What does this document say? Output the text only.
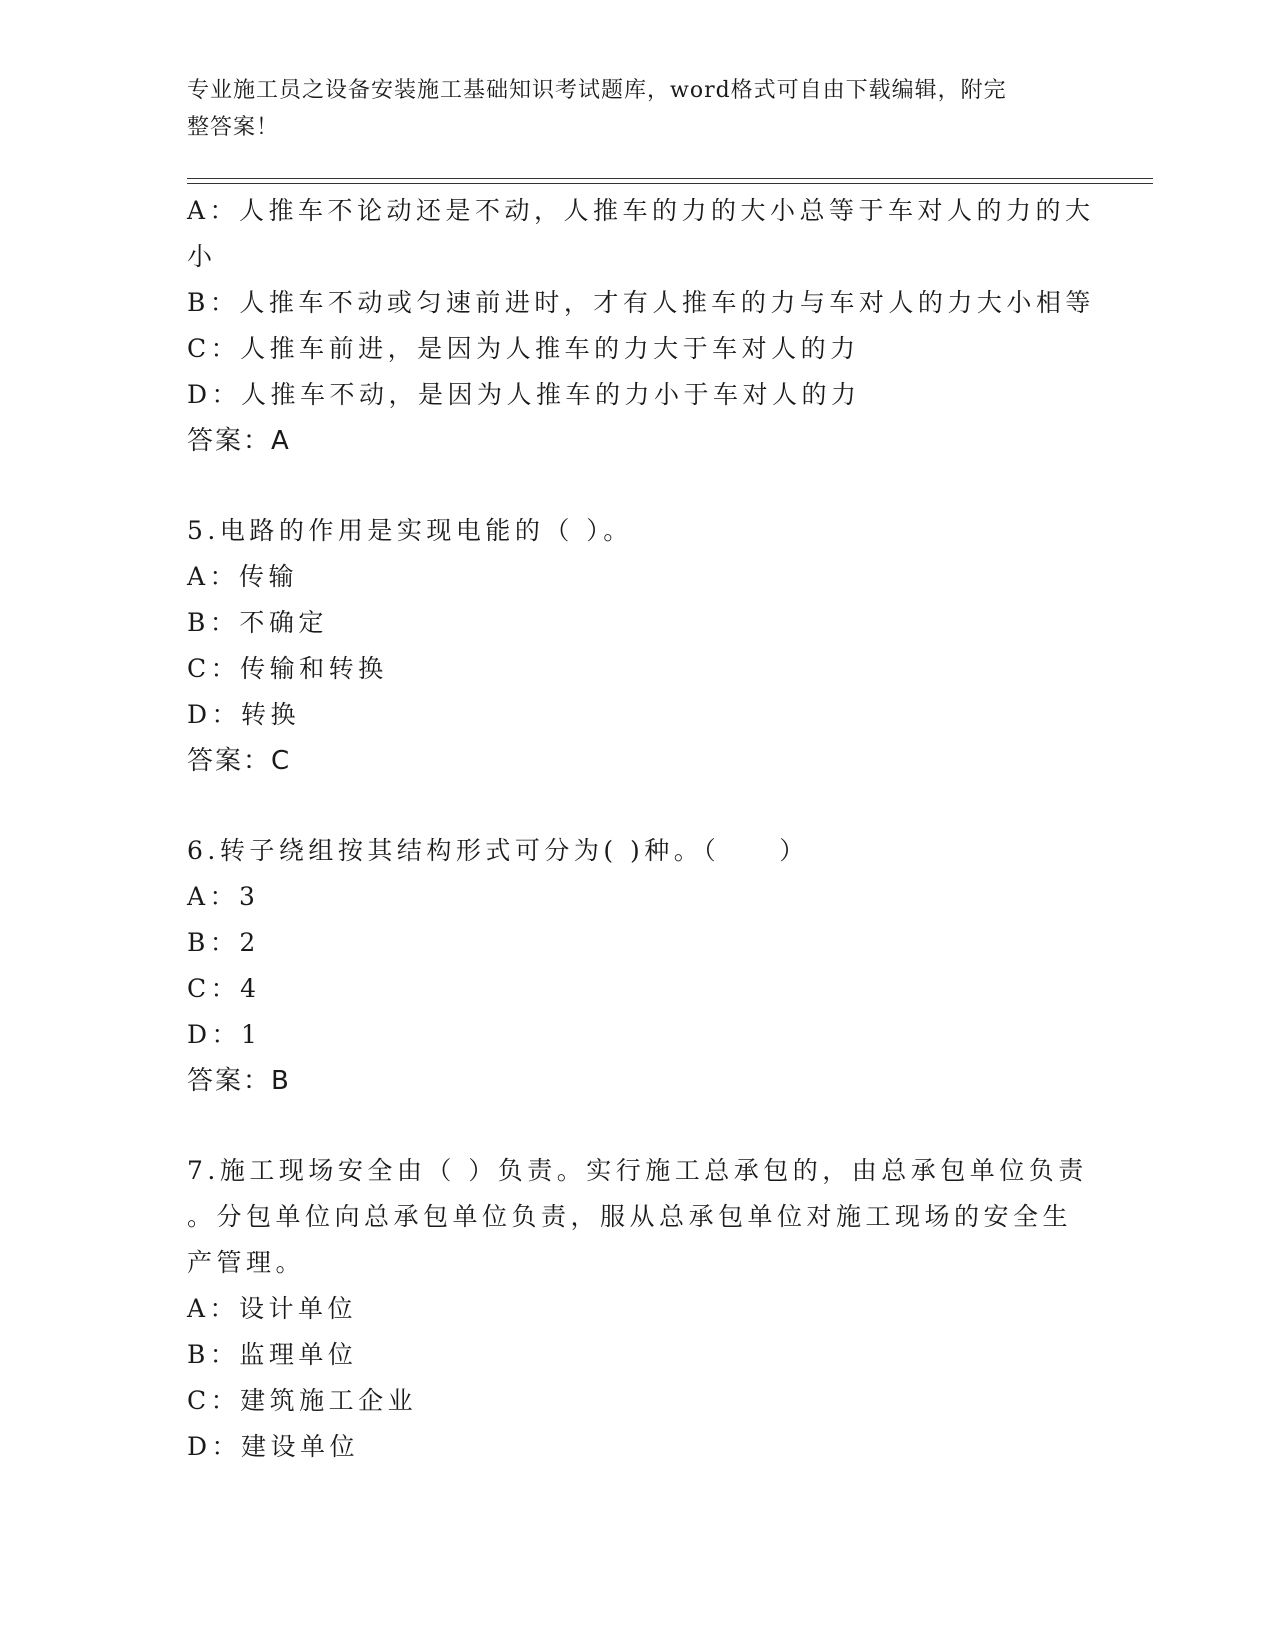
专业施工员之设备安装施工基础知识考试题库，word格式可自由下载编辑，附完
整答案！
A：人推车不论动还是不动，人推车的力的大小总等于车对人的力的大
小
B：人推车不动或匀速前进时，才有人推车的力与车对人的力大小相等
C：人推车前进，是因为人推车的力大于车对人的力
D：人推车不动，是因为人推车的力小于车对人的力
答案：A
5.电路的作用是实现电能的（ ）。
A：传输
B：不确定
C：传输和转换
D：转换
答案：C
6.转子绕组按其结构形式可分为( )种。（　　）
A：3
B：2
C：4
D：1
答案：B
7.施工现场安全由（ ）负责。实行施工总承包的，由总承包单位负责
。分包单位向总承包单位负责，服从总承包单位对施工现场的安全生
产管理。
A：设计单位
B：监理单位
C：建筑施工企业
D：建设单位
